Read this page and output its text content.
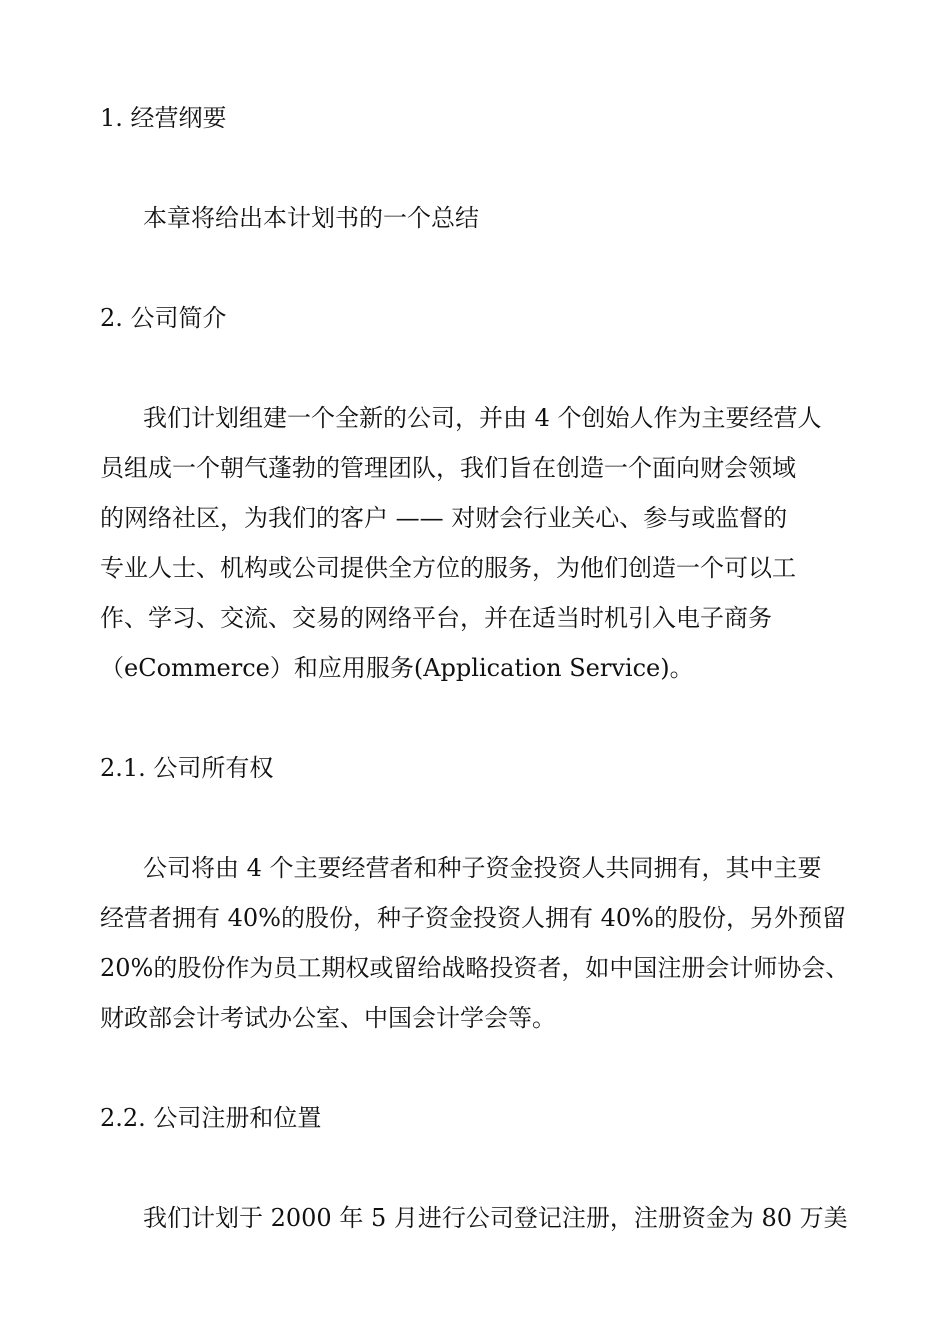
1. 经营纲要
本章将给出本计划书的一个总结
2. 公司简介
我们计划组建一个全新的公司，并由 4 个创始人作为主要经营人
员组成一个朝气蓬勃的管理团队，我们旨在创造一个面向财会领域
的网络社区，为我们的客户 —— 对财会行业关心、参与或监督的
专业人士、机构或公司提供全方位的服务，为他们创造一个可以工
作、学习、交流、交易的网络平台，并在适当时机引入电子商务
（eCommerce）和应用服务(Application Service)。
2.1. 公司所有权
公司将由 4 个主要经营者和种子资金投资人共同拥有，其中主要
经营者拥有 40%的股份，种子资金投资人拥有 40%的股份，另外预留
20%的股份作为员工期权或留给战略投资者，如中国注册会计师协会、
财政部会计考试办公室、中国会计学会等。
2.2. 公司注册和位置
我们计划于 2000 年 5 月进行公司登记注册，注册资金为 80 万美
